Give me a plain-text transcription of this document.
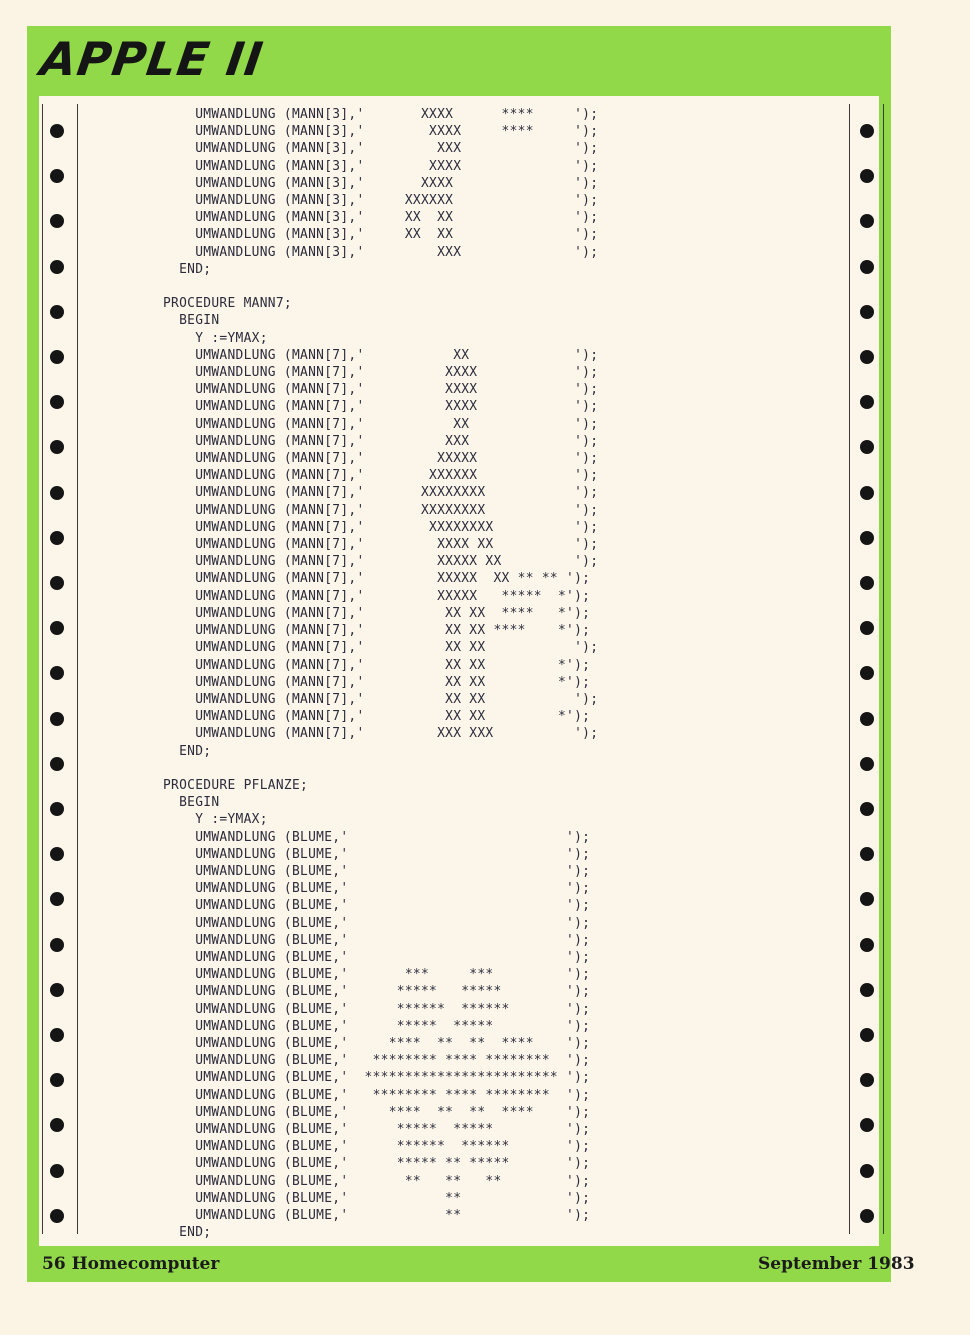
APPLE II
UMWANDLUNG (MANN[3],'       XXXX      ****     ');
UMWANDLUNG (MANN[3],'        XXXX     ****     ');
UMWANDLUNG (MANN[3],'         XXX              ');
UMWANDLUNG (MANN[3],'        XXXX              ');
UMWANDLUNG (MANN[3],'       XXXX               ');
UMWANDLUNG (MANN[3],'     XXXXXX               ');
UMWANDLUNG (MANN[3],'     XX  XX               ');
UMWANDLUNG (MANN[3],'     XX  XX               ');
UMWANDLUNG (MANN[3],'         XXX              ');
END;

PROCEDURE MANN7;
BEGIN
Y :=YMAX;
UMWANDLUNG (MANN[7],'           XX             ');
UMWANDLUNG (MANN[7],'          XXXX            ');
UMWANDLUNG (MANN[7],'          XXXX            ');
UMWANDLUNG (MANN[7],'          XXXX            ');
UMWANDLUNG (MANN[7],'           XX             ');
UMWANDLUNG (MANN[7],'          XXX             ');
UMWANDLUNG (MANN[7],'         XXXXX            ');
UMWANDLUNG (MANN[7],'        XXXXXX            ');
UMWANDLUNG (MANN[7],'       XXXXXXXX           ');
UMWANDLUNG (MANN[7],'       XXXXXXXX           ');
UMWANDLUNG (MANN[7],'        XXXXXXXX          ');
UMWANDLUNG (MANN[7],'         XXXX XX          ');
UMWANDLUNG (MANN[7],'         XXXXX XX         ');
UMWANDLUNG (MANN[7],'         XXXXX  XX ** ** ');
UMWANDLUNG (MANN[7],'         XXXXX   *****  *');
UMWANDLUNG (MANN[7],'          XX XX  ****   *');
UMWANDLUNG (MANN[7],'          XX XX ****    *');
UMWANDLUNG (MANN[7],'          XX XX           ');
UMWANDLUNG (MANN[7],'          XX XX         *');
UMWANDLUNG (MANN[7],'          XX XX         *');
UMWANDLUNG (MANN[7],'          XX XX           ');
UMWANDLUNG (MANN[7],'          XX XX         *');
UMWANDLUNG (MANN[7],'         XXX XXX          ');
END;

PROCEDURE PFLANZE;
BEGIN
Y :=YMAX;
UMWANDLUNG (BLUME,'                           ');
UMWANDLUNG (BLUME,'                           ');
UMWANDLUNG (BLUME,'                           ');
UMWANDLUNG (BLUME,'                           ');
UMWANDLUNG (BLUME,'                           ');
UMWANDLUNG (BLUME,'                           ');
UMWANDLUNG (BLUME,'                           ');
UMWANDLUNG (BLUME,'                           ');
UMWANDLUNG (BLUME,'       ***     ***         ');
UMWANDLUNG (BLUME,'      *****   *****        ');
UMWANDLUNG (BLUME,'      ******  ******       ');
UMWANDLUNG (BLUME,'      *****  *****         ');
UMWANDLUNG (BLUME,'     ****  **  **  ****    ');
UMWANDLUNG (BLUME,'   ******** **** ********  ');
UMWANDLUNG (BLUME,'  ************************ ');
UMWANDLUNG (BLUME,'   ******** **** ********  ');
UMWANDLUNG (BLUME,'     ****  **  **  ****    ');
UMWANDLUNG (BLUME,'      *****  *****         ');
UMWANDLUNG (BLUME,'      ******  ******       ');
UMWANDLUNG (BLUME,'      ***** ** *****       ');
UMWANDLUNG (BLUME,'       **   **   **        ');
UMWANDLUNG (BLUME,'            **             ');
UMWANDLUNG (BLUME,'            **             ');
END;

56 Homecomputer	September 1983
